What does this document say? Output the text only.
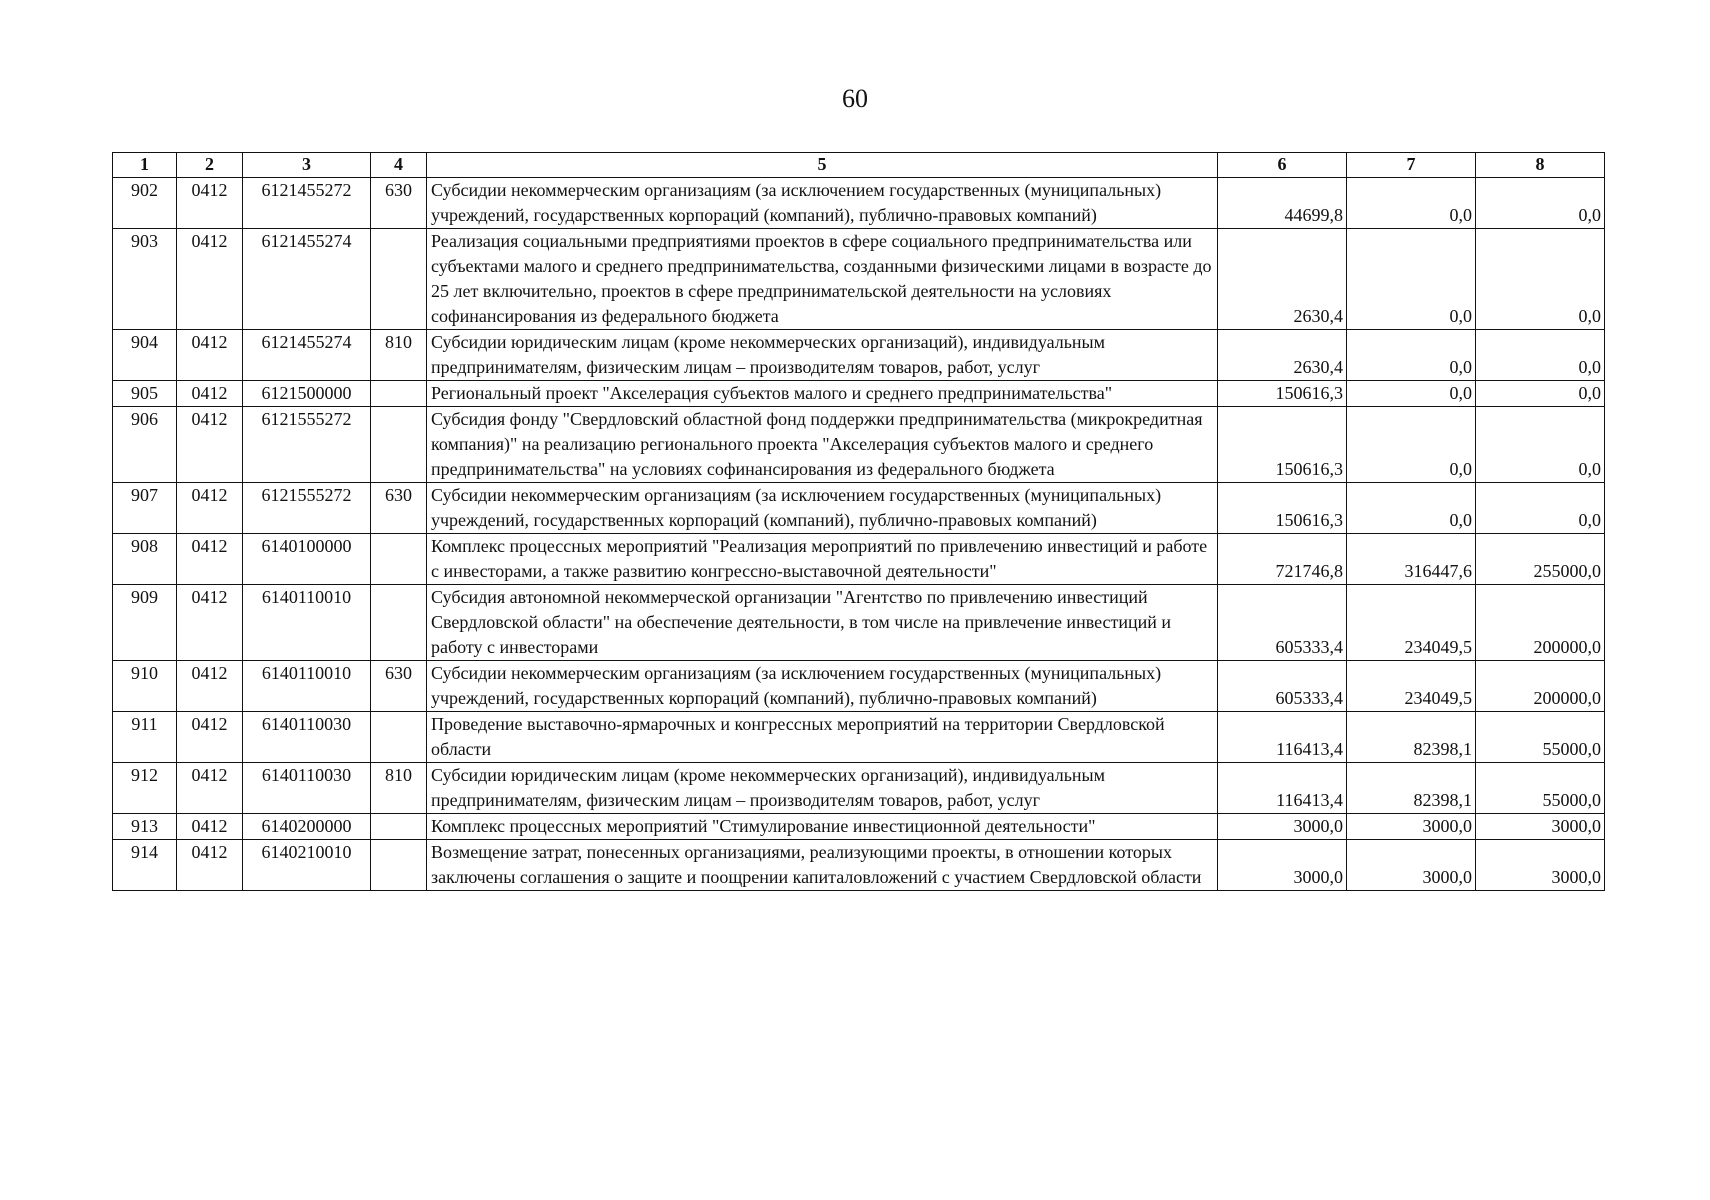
60
1	2	3	4	5	6	7	8
902	0412	6121455272	630	Субсидии некоммерческим организациям (за исключением государственных (муниципальных) учреждений, государственных корпораций (компаний), публично-правовых компаний)	44699,8	0,0	0,0
903	0412	6121455274		Реализация социальными предприятиями проектов в сфере социального предпринимательства или субъектами малого и среднего предпринимательства, созданными физическими лицами в возрасте до 25 лет включительно, проектов в сфере предпринимательской деятельности на условиях софинансирования из федерального бюджета	2630,4	0,0	0,0
904	0412	6121455274	810	Субсидии юридическим лицам (кроме некоммерческих организаций), индивидуальным предпринимателям, физическим лицам – производителям товаров, работ, услуг	2630,4	0,0	0,0
905	0412	6121500000		Региональный проект "Акселерация субъектов малого и среднего предпринимательства"	150616,3	0,0	0,0
906	0412	6121555272		Субсидия фонду "Свердловский областной фонд поддержки предпринимательства (микрокредитная компания)" на реализацию регионального проекта "Акселерация субъектов малого и среднего предпринимательства" на условиях софинансирования из федерального бюджета	150616,3	0,0	0,0
907	0412	6121555272	630	Субсидии некоммерческим организациям (за исключением государственных (муниципальных) учреждений, государственных корпораций (компаний), публично-правовых компаний)	150616,3	0,0	0,0
908	0412	6140100000		Комплекс процессных мероприятий "Реализация мероприятий по привлечению инвестиций и работе с инвесторами, а также развитию конгрессно-выставочной деятельности"	721746,8	316447,6	255000,0
909	0412	6140110010		Субсидия автономной некоммерческой организации "Агентство по привлечению инвестиций Свердловской области" на обеспечение деятельности, в том числе на привлечение инвестиций и работу с инвесторами	605333,4	234049,5	200000,0
910	0412	6140110010	630	Субсидии некоммерческим организациям (за исключением государственных (муниципальных) учреждений, государственных корпораций (компаний), публично-правовых компаний)	605333,4	234049,5	200000,0
911	0412	6140110030		Проведение выставочно-ярмарочных и конгрессных мероприятий на территории Свердловской области	116413,4	82398,1	55000,0
912	0412	6140110030	810	Субсидии юридическим лицам (кроме некоммерческих организаций), индивидуальным предпринимателям, физическим лицам – производителям товаров, работ, услуг	116413,4	82398,1	55000,0
913	0412	6140200000		Комплекс процессных мероприятий "Стимулирование инвестиционной деятельности"	3000,0	3000,0	3000,0
914	0412	6140210010		Возмещение затрат, понесенных организациями, реализующими проекты, в отношении которых заключены соглашения о защите и поощрении капиталовложений с участием Свердловской области	3000,0	3000,0	3000,0
